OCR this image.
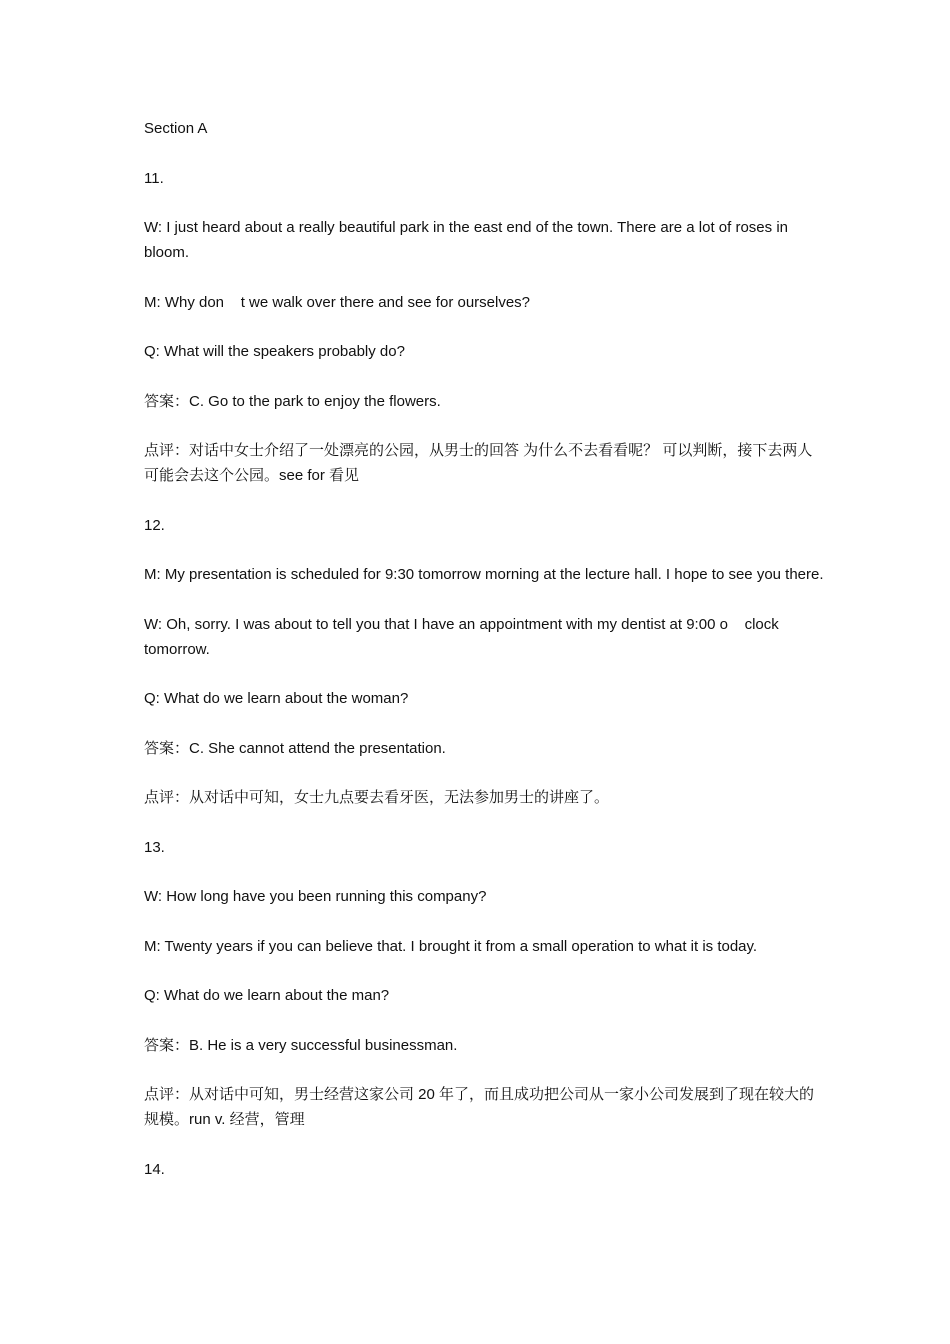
Section A

11.

W: I just heard about a really beautiful park in the east end of the town. There are a lot of roses in bloom.

M: Why don t we walk over there and see for ourselves?

Q: What will the speakers probably do?

答案：C. Go to the park to enjoy the flowers.

点评：对话中女士介绍了一处漂亮的公园，从男士的回答 为什么不去看看呢？ 可以判断，接下去两人可能会去这个公园。see for 看见

12.

M: My presentation is scheduled for 9:30 tomorrow morning at the lecture hall. I hope to see you there.

W: Oh, sorry. I was about to tell you that I have an appointment with my dentist at 9:00 o clock tomorrow.

Q: What do we learn about the woman?

答案：C. She cannot attend the presentation.

点评：从对话中可知，女士九点要去看牙医，无法参加男士的讲座了。

13.

W: How long have you been running this company?

M: Twenty years if you can believe that. I brought it from a small operation to what it is today.

Q: What do we learn about the man?

答案：B. He is a very successful businessman.

点评：从对话中可知，男士经营这家公司 20 年了，而且成功把公司从一家小公司发展到了现在较大的规模。run v. 经营，管理

14.
